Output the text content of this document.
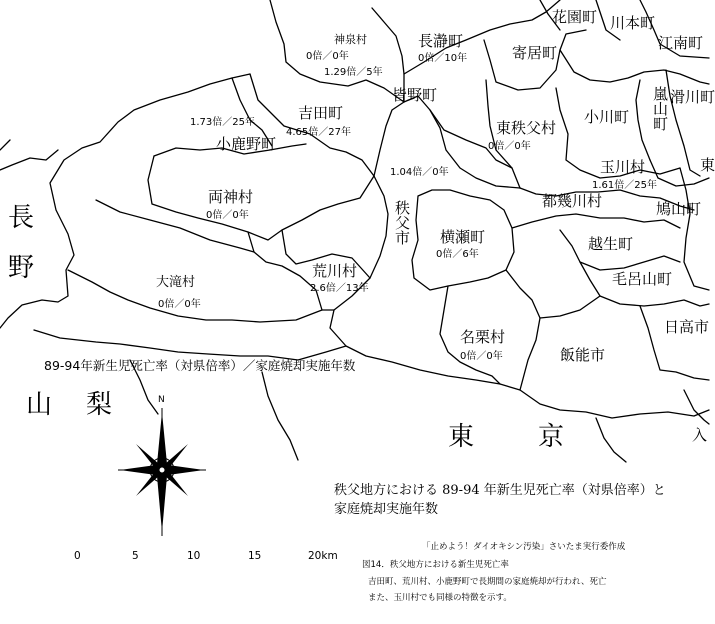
長
野
山 梨
東 京
花園町 川本町
江南町
神泉村	長瀞町
寄居町
皆野町
吉田町
小鹿野町
東秩父村
小川町 嵐山町 滑川町
両神村
秩父市
玉川村
都幾川村	鳩山町
横瀬町	越生町
荒川村	毛呂山町
大滝村
名栗村
飯能市
日高市
入
東
0倍／0年
1.29倍／5年
0倍／10年
1.73倍／25年
4.65倍／27年
0倍／0年
1.04倍／0年
1.61倍／25年
0倍／0年
0倍／6年
2.6倍／13年
0倍／0年
0倍／0年
89-94年新生児死亡率（対県倍率）／家庭焼却実施年数
N
0	5	10	15	20km
秩父地方における 89-94 年新生児死亡率（対県倍率）と
家庭焼却実施年数
「止めよう！ダイオキシン汚染」さいたま実行委作成
図14．秩父地方における新生児死亡率
吉田町、荒川村、小鹿野町で長期間の家庭焼却が行われ、死亡
また、玉川村でも同様の特徴を示す。
